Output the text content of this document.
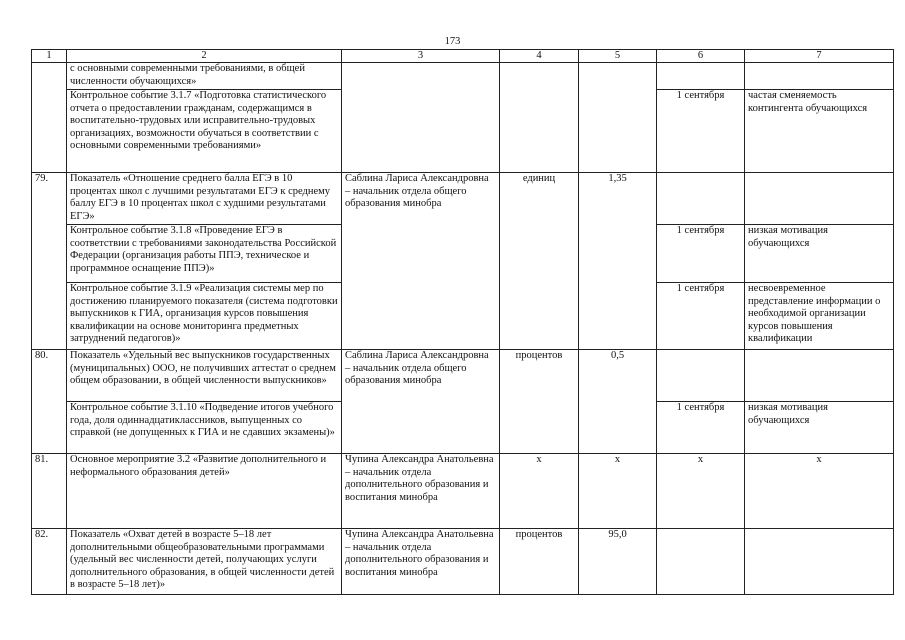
173
1	2	3	4	5	6	7
	с основными современными требованиями, в общей численности обучающихся»					
	Контрольное событие 3.1.7 «Подготовка статистического отчета о предоставлении гражданам, содержащимся в воспитательно-трудовых или исправительно-трудовых организациях, возможности обучаться в соответствии с основными современными требованиями»				1 сентября	частая сменяемость контингента обучающихся
79.	Показатель «Отношение среднего балла ЕГЭ в 10 процентах школ с лучшими результатами ЕГЭ к среднему баллу ЕГЭ в 10 процентах школ с худшими результатами ЕГЭ»	Саблина Лариса Александровна – начальник отдела общего образования минобра	единиц	1,35		
	Контрольное событие 3.1.8 «Проведение ЕГЭ в соответствии с требованиями законодательства Российской Федерации (организация работы ППЭ, техническое и программное оснащение ППЭ)»				1 сентября	низкая мотивация обучающихся
	Контрольное событие 3.1.9 «Реализация системы мер по достижению планируемого показателя (система подготовки выпускников к ГИА, организация курсов повышения квалификации на основе мониторинга предметных затруднений педагогов)»				1 сентября	несвоевременное представление информации о необходимой организации курсов повышения квалификации
80.	Показатель «Удельный вес выпускников государственных (муниципальных) ООО, не получивших аттестат о среднем общем образовании, в общей численности выпускников»	Саблина Лариса Александровна – начальник отдела общего образования минобра	процентов	0,5		
	Контрольное событие 3.1.10 «Подведение итогов учебного года, доля одиннадцатиклассников, выпущенных со справкой (не допущенных к ГИА и не сдавших экзамены)»				1 сентября	низкая мотивация обучающихся
81.	Основное мероприятие 3.2 «Развитие дополнительного и неформального образования детей»	Чупина Александра Анатольевна – начальник отдела дополнительного образования и воспитания минобра	x	x	x	x
82.	Показатель «Охват детей в возрасте 5–18 лет дополнительными общеобразовательными программами (удельный вес численности детей, получающих услуги дополнительного образования, в общей численности детей в возрасте 5–18 лет)»	Чупина Александра Анатольевна – начальник отдела дополнительного образования и воспитания минобра	процентов	95,0		
